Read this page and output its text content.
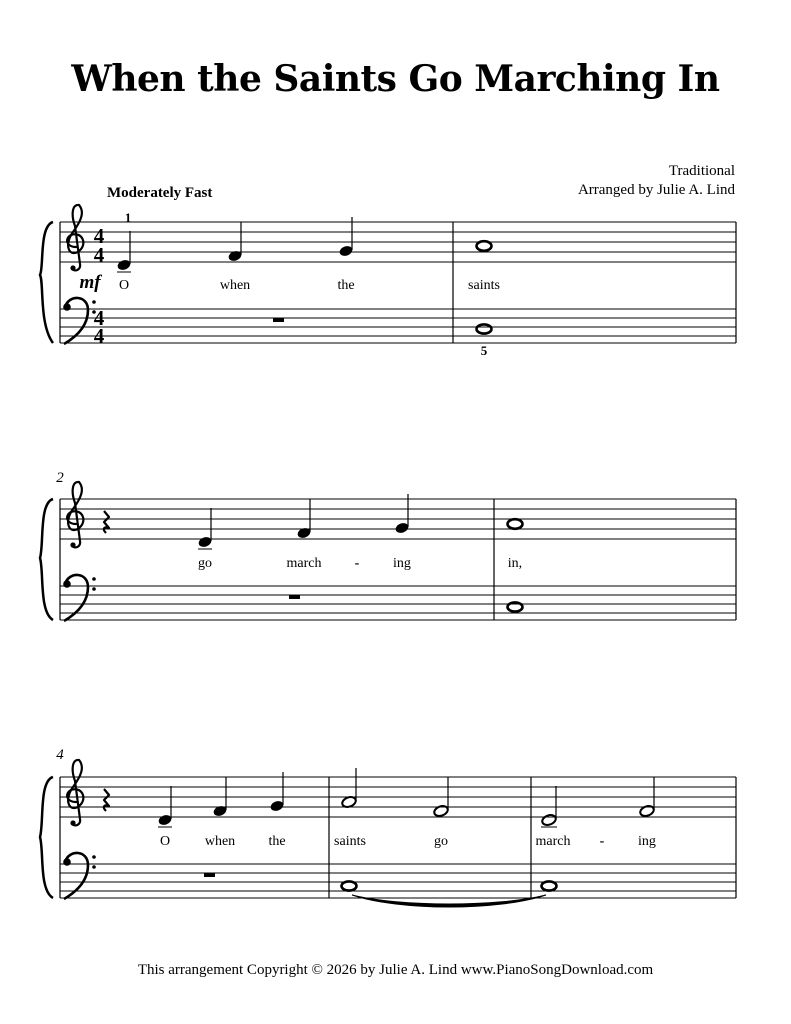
When the Saints Go Marching In
Traditional
Arranged by Julie A. Lind
Moderately Fast
4
4
4
4
1
mf
5
O	when	the	saints
2
go	march - ing	in,
4
O when the	saints	go	march - ing
This arrangement Copyright © 2026 by Julie A. Lind www.PianoSongDownload.com
